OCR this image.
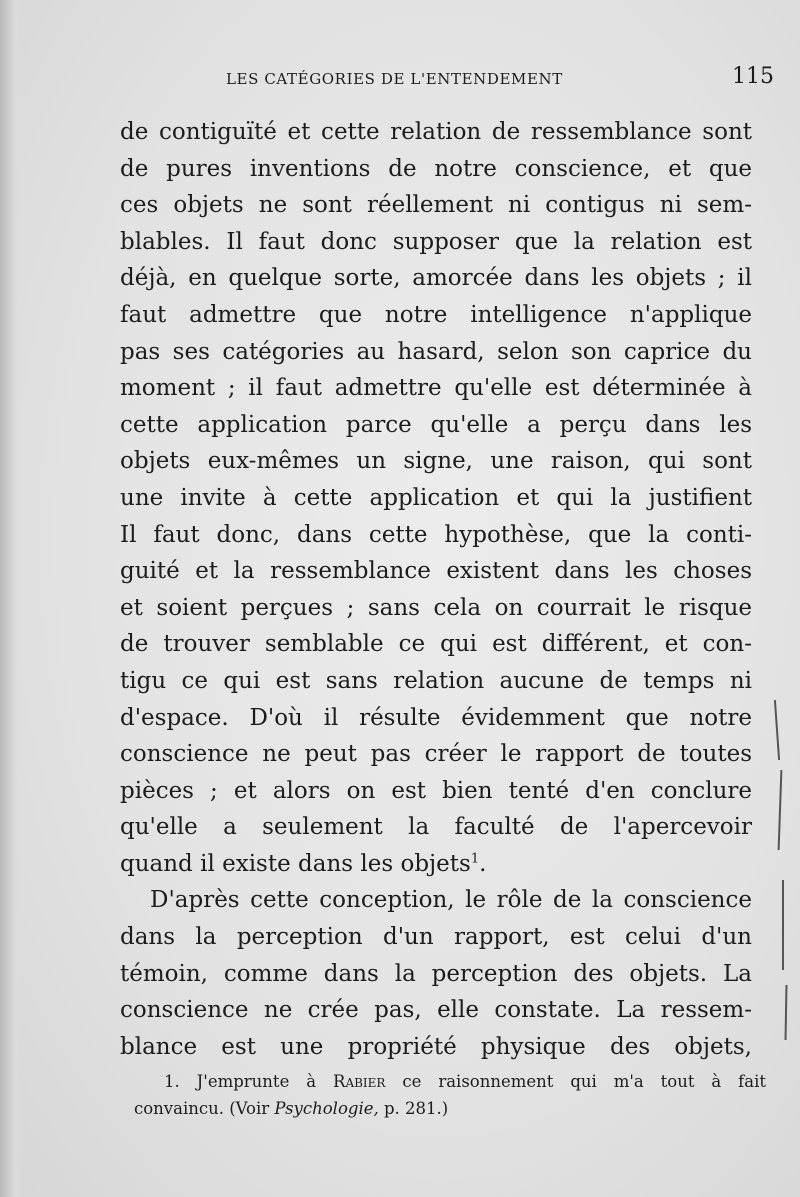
LES CATÉGORIES DE L'ENTENDEMENT	115
de contiguïté et cette relation de ressemblance sont
de pures inventions de notre conscience, et que
ces objets ne sont réellement ni contigus ni sem-
blables. Il faut donc supposer que la relation est
déjà, en quelque sorte, amorcée dans les objets ; il
faut admettre que notre intelligence n'applique
pas ses catégories au hasard, selon son caprice du
moment ; il faut admettre qu'elle est déterminée à
cette application parce qu'elle a perçu dans les
objets eux-mêmes un signe, une raison, qui sont
une invite à cette application et qui la justifient
Il faut donc, dans cette hypothèse, que la conti-
guité et la ressemblance existent dans les choses
et soient perçues ; sans cela on courrait le risque
de trouver semblable ce qui est différent, et con-
tigu ce qui est sans relation aucune de temps ni
d'espace. D'où il résulte évidemment que notre
conscience ne peut pas créer le rapport de toutes
pièces ; et alors on est bien tenté d'en conclure
qu'elle a seulement la faculté de l'apercevoir
quand il existe dans les objets$^1$.
D'après cette conception, le rôle de la conscience
dans la perception d'un rapport, est celui d'un
témoin, comme dans la perception des objets. La
conscience ne crée pas, elle constate. La ressem-
blance est une propriété physique des objets,
1. J'emprunte à Rabier ce raisonnement qui m'a tout à fait
convaincu. (Voir Psychologie, p. 281.)
